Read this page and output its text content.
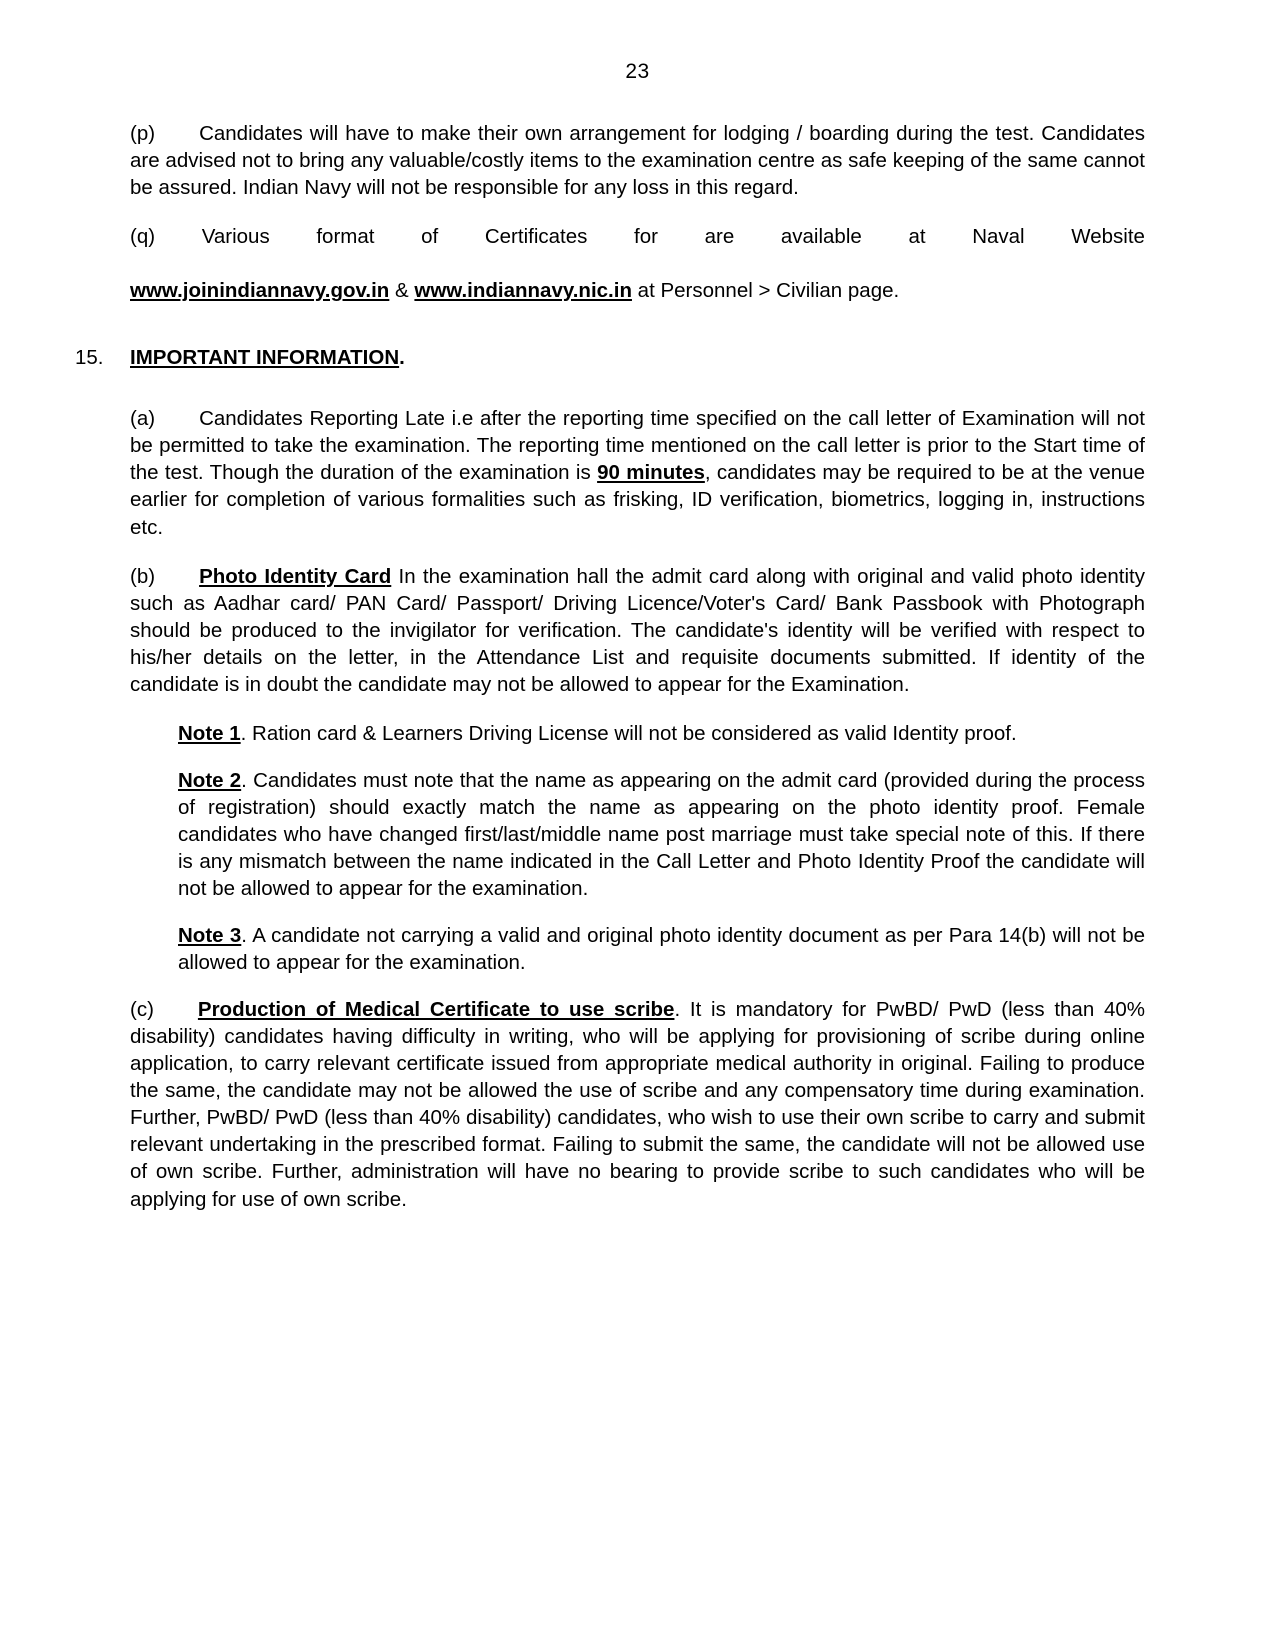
23

(p) Candidates will have to make their own arrangement for lodging / boarding during the test. Candidates are advised not to bring any valuable/costly items to the examination centre as safe keeping of the same cannot be assured. Indian Navy will not be responsible for any loss in this regard.

(q) Various format of Certificates for are available at Naval Website
www.joinindiannavy.gov.in & www.indiannavy.nic.in at Personnel > Civilian page.

15. IMPORTANT INFORMATION.

(a) Candidates Reporting Late i.e after the reporting time specified on the call letter of Examination will not be permitted to take the examination. The reporting time mentioned on the call letter is prior to the Start time of the test. Though the duration of the examination is 90 minutes, candidates may be required to be at the venue earlier for completion of various formalities such as frisking, ID verification, biometrics, logging in, instructions etc.

(b) Photo Identity Card In the examination hall the admit card along with original and valid photo identity such as Aadhar card/ PAN Card/ Passport/ Driving Licence/Voter's Card/ Bank Passbook with Photograph should be produced to the invigilator for verification. The candidate's identity will be verified with respect to his/her details on the letter, in the Attendance List and requisite documents submitted. If identity of the candidate is in doubt the candidate may not be allowed to appear for the Examination.

Note 1. Ration card & Learners Driving License will not be considered as valid Identity proof.

Note 2. Candidates must note that the name as appearing on the admit card (provided during the process of registration) should exactly match the name as appearing on the photo identity proof. Female candidates who have changed first/last/middle name post marriage must take special note of this. If there is any mismatch between the name indicated in the Call Letter and Photo Identity Proof the candidate will not be allowed to appear for the examination.

Note 3. A candidate not carrying a valid and original photo identity document as per Para 14(b) will not be allowed to appear for the examination.

(c) Production of Medical Certificate to use scribe. It is mandatory for PwBD/ PwD (less than 40% disability) candidates having difficulty in writing, who will be applying for provisioning of scribe during online application, to carry relevant certificate issued from appropriate medical authority in original. Failing to produce the same, the candidate may not be allowed the use of scribe and any compensatory time during examination. Further, PwBD/ PwD (less than 40% disability) candidates, who wish to use their own scribe to carry and submit relevant undertaking in the prescribed format. Failing to submit the same, the candidate will not be allowed use of own scribe. Further, administration will have no bearing to provide scribe to such candidates who will be applying for use of own scribe.
